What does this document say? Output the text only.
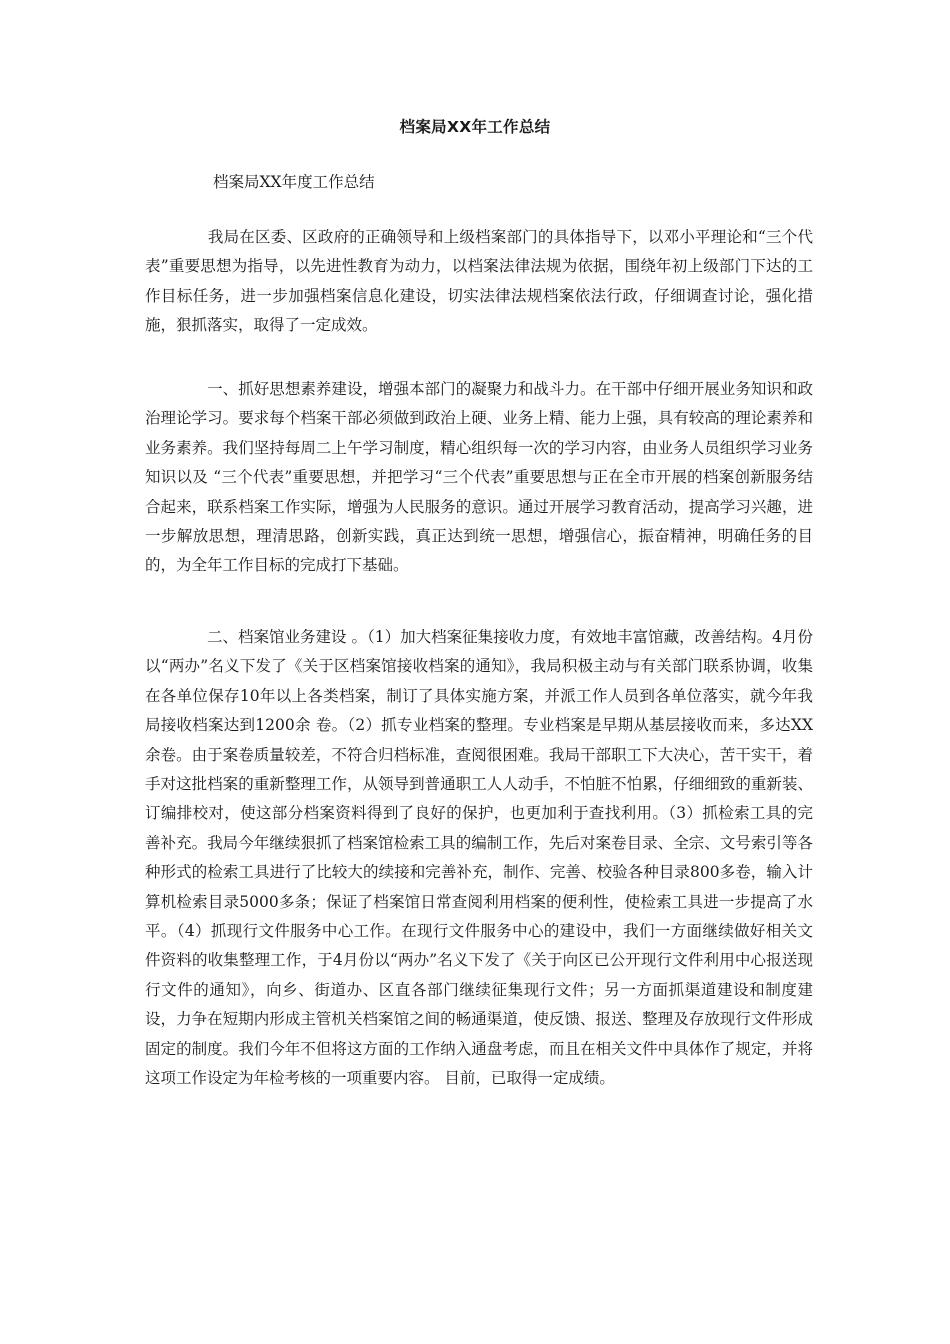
档案局XX年工作总结

档案局XX年度工作总结

　　　　我局在区委、区政府的正确领导和上级档案部门的具体指导下，以邓小平理论和“三个代表”重要思想为指导，以先进性教育为动力，以档案法律法规为依据，围绕年初上级部门下达的工作目标任务，进一步加强档案信息化建设，切实法律法规档案依法行政，仔细调查讨论，强化措施，狠抓落实，取得了一定成效。

　　　　一、抓好思想素养建设，增强本部门的凝聚力和战斗力。在干部中仔细开展业务知识和政治理论学习。要求每个档案干部必须做到政治上硬、业务上精、能力上强，具有较高的理论素养和业务素养。我们坚持每周二上午学习制度，精心组织每一次的学习内容，由业务人员组织学习业务知识以及 “三个代表”重要思想，并把学习“三个代表”重要思想与正在全市开展的档案创新服务结合起来，联系档案工作实际，增强为人民服务的意识。通过开展学习教育活动，提高学习兴趣，进一步解放思想，理清思路，创新实践，真正达到统一思想，增强信心，振奋精神，明确任务的目的，为全年工作目标的完成打下基础。

　　　　二、档案馆业务建设 。（1）加大档案征集接收力度，有效地丰富馆藏，改善结构。4月份以“两办”名义下发了《关于区档案馆接收档案的通知》，我局积极主动与有关部门联系协调，收集在各单位保存10年以上各类档案，制订了具体实施方案，并派工作人员到各单位落实，就今年我局接收档案达到1200余 卷。（2）抓专业档案的整理。专业档案是早期从基层接收而来，多达XX余卷。由于案卷质量较差，不符合归档标准，查阅很困难。我局干部职工下大决心，苦干实干，着手对这批档案的重新整理工作，从领导到普通职工人人动手，不怕脏不怕累，仔细细致的重新装、订编排校对，使这部分档案资料得到了良好的保护，也更加利于查找利用。（3）抓检索工具的完善补充。我局今年继续狠抓了档案馆检索工具的编制工作，先后对案卷目录、全宗、文号索引等各种形式的检索工具进行了比较大的续接和完善补充，制作、完善、校验各种目录800多卷，输入计算机检索目录5000多条；保证了档案馆日常查阅利用档案的便利性，使检索工具进一步提高了水平。（4）抓现行文件服务中心工作。在现行文件服务中心的建设中，我们一方面继续做好相关文件资料的收集整理工作，于4月份以“两办”名义下发了《关于向区已公开现行文件利用中心报送现行文件的通知》，向乡、街道办、区直各部门继续征集现行文件；另一方面抓渠道建设和制度建设，力争在短期内形成主管机关档案馆之间的畅通渠道，使反馈、报送、整理及存放现行文件形成固定的制度。我们今年不但将这方面的工作纳入通盘考虑，而且在相关文件中具体作了规定，并将这项工作设定为年检考核的一项重要内容。 目前，已取得一定成绩。
